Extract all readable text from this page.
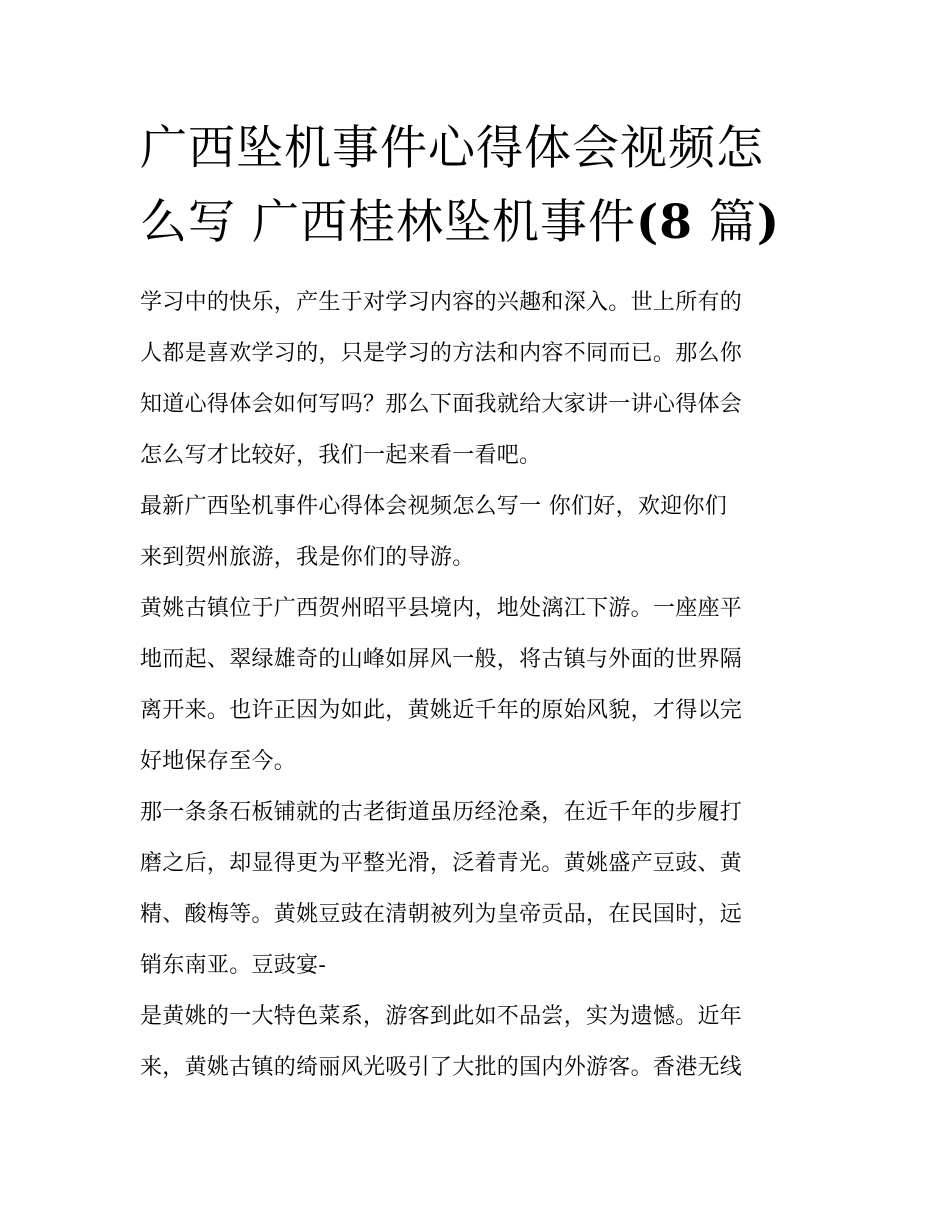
广西坠机事件心得体会视频怎
么写 广西桂林坠机事件(8 篇)
学习中的快乐，产生于对学习内容的兴趣和深入。世上所有的
人都是喜欢学习的，只是学习的方法和内容不同而已。那么你
知道心得体会如何写吗？那么下面我就给大家讲一讲心得体会
怎么写才比较好，我们一起来看一看吧。
最新广西坠机事件心得体会视频怎么写一 你们好，欢迎你们
来到贺州旅游，我是你们的导游。
黄姚古镇位于广西贺州昭平县境内，地处漓江下游。一座座平
地而起、翠绿雄奇的山峰如屏风一般，将古镇与外面的世界隔
离开来。也许正因为如此，黄姚近千年的原始风貌，才得以完
好地保存至今。
那一条条石板铺就的古老街道虽历经沧桑，在近千年的步履打
磨之后，却显得更为平整光滑，泛着青光。黄姚盛产豆豉、黄
精、酸梅等。黄姚豆豉在清朝被列为皇帝贡品，在民国时，远
销东南亚。豆豉宴-
是黄姚的一大特色菜系，游客到此如不品尝，实为遗憾。近年
来，黄姚古镇的绮丽风光吸引了大批的国内外游客。香港无线
